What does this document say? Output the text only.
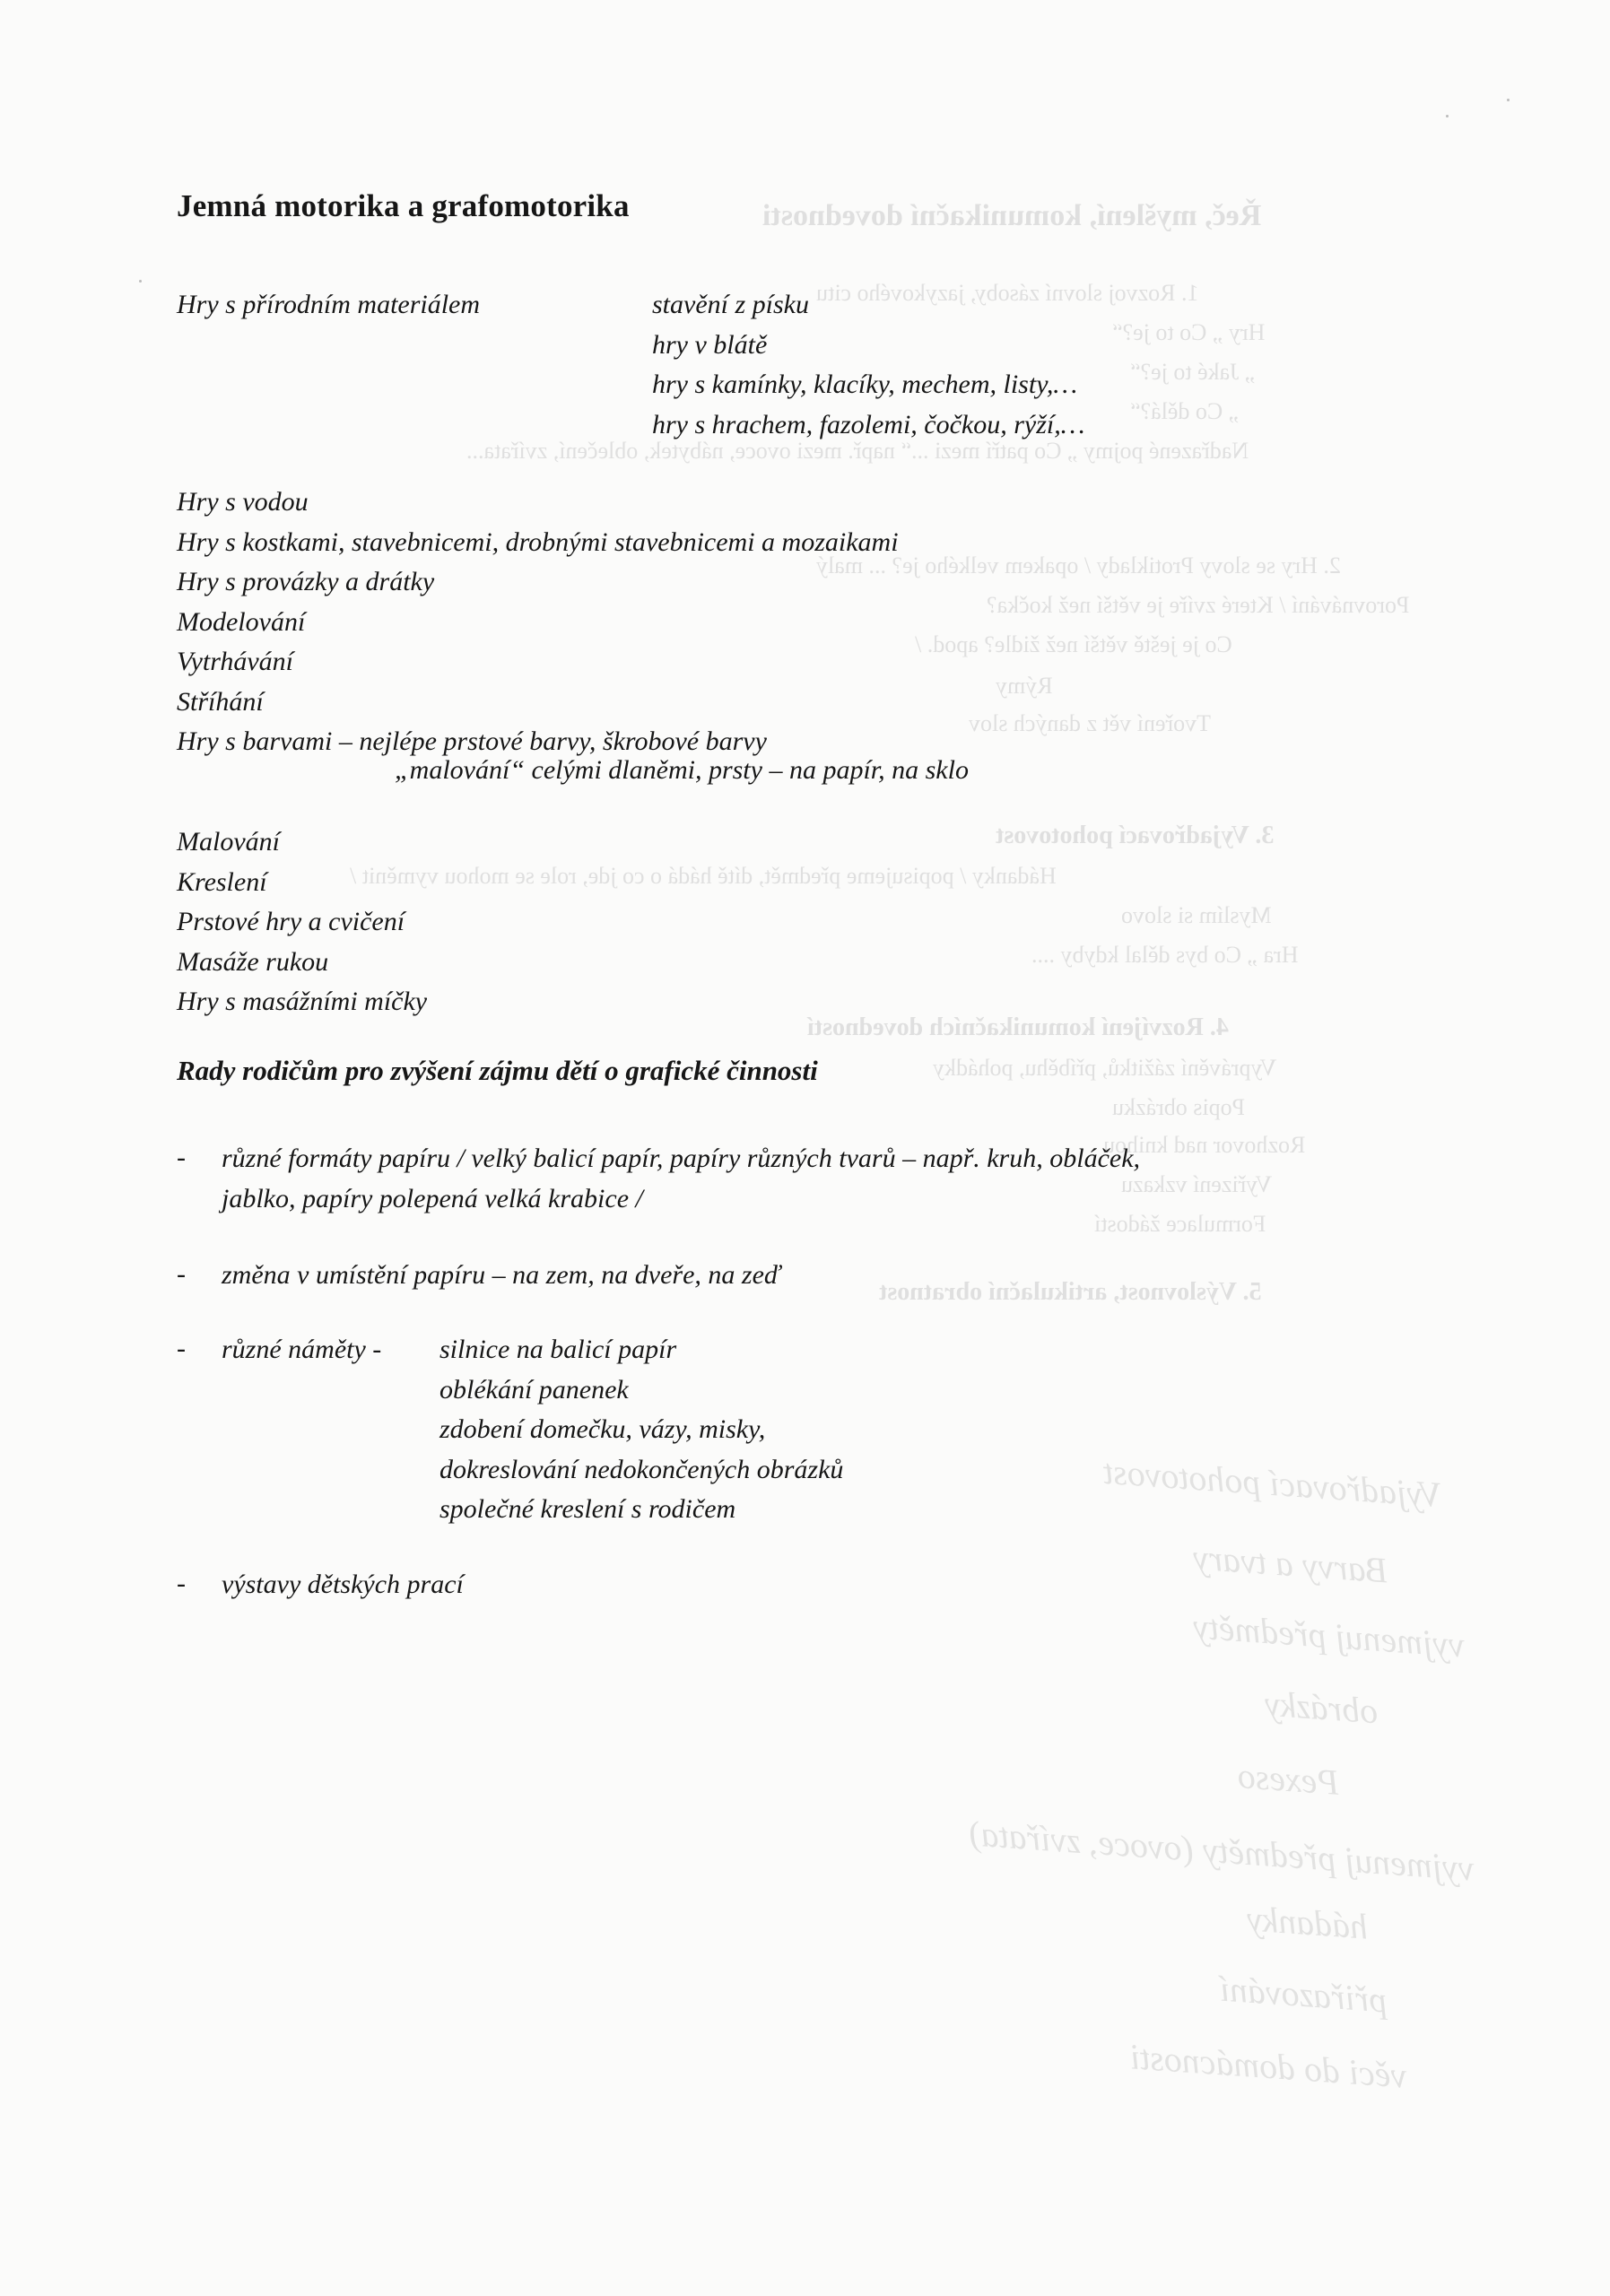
Řeč, myšlení, komunikační dovednosti
1. Rozvoj slovní zásoby, jazykového citu
Hry „ Co to je?“
„ Jaké to je?“
„ Co dělá?“
Nadřazené pojmy „ Co patří mezi ...“ např. mezi ovoce, nábytek, oblečení, zvířata...
2. Hry se slovy Protiklady / opakem velkého je? ... malý
Porovnávání / Které zvíře je větší než kočka?
Co je ještě větší než židle? apod. /
Rýmy
Tvoření vět z daných slov
3. Vyjadřovací pohotovost
Hádanky / popisujeme předmět, dítě hádá o co jde, role se mohou vyměnit /
Myslím si slovo
Hra „ Co bys dělal kdyby ....
4. Rozvíjení komunikačních dovedností
Vyprávění zážitků, příběhu, pohádky
Popis obrázku
Rozhovor nad knihou
Vyřizení vzkazu
Formulace žádostí
5. Výslovnost, artikulační obratnost
Vyjadřovací pohotovost
Barvy a tvary
vyjmenuj předměty
obrázky
Pexeso
vyjmenuj předměty (ovoce, zvířata)
hádanky
přiřazování
věci do domácnosti
Jemná motorika a grafomotorika
Hry s přírodním materiálem	stavění z písku
hry v blátě
hry s kamínky, klacíky, mechem, listy,…
hry s hrachem, fazolemi, čočkou, rýží,…
Hry s vodou
Hry s kostkami, stavebnicemi, drobnými stavebnicemi a mozaikami
Hry s provázky a drátky
Modelování
Vytrhávání
Stříhání
Hry s barvami – nejlépe prstové barvy, škrobové barvy
„malování“ celými dlaněmi, prsty – na papír, na sklo
Malování
Kreslení
Prstové hry a cvičení
Masáže rukou
Hry s masážními míčky
Rady rodičům pro zvýšení zájmu dětí o grafické činnosti
- různé formáty papíru / velký balicí papír, papíry různých tvarů – např. kruh, obláček,
jablko, papíry polepená velká krabice /
- změna v umístění papíru – na zem, na dveře, na zeď
- různé náměty - silnice na balicí papír
oblékání panenek
zdobení domečku, vázy, misky,
dokreslování nedokončených obrázků
společné kreslení s rodičem
- výstavy dětských prací
